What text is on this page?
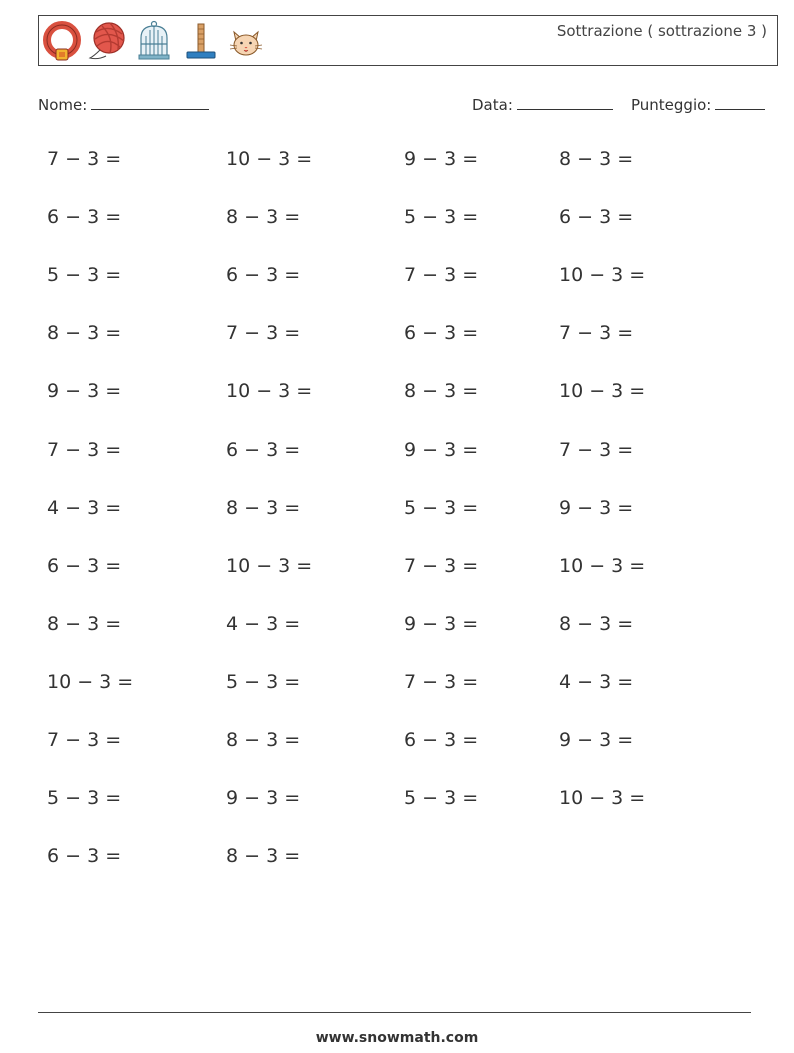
Sottrazione ( sottrazione 3 )
Nome:	Data:	Punteggio:
7 − 3 =	10 − 3 =	9 − 3 =	8 − 3 =
6 − 3 =	8 − 3 =	5 − 3 =	6 − 3 =
5 − 3 =	6 − 3 =	7 − 3 =	10 − 3 =
8 − 3 =	7 − 3 =	6 − 3 =	7 − 3 =
9 − 3 =	10 − 3 =	8 − 3 =	10 − 3 =
7 − 3 =	6 − 3 =	9 − 3 =	7 − 3 =
4 − 3 =	8 − 3 =	5 − 3 =	9 − 3 =
6 − 3 =	10 − 3 =	7 − 3 =	10 − 3 =
8 − 3 =	4 − 3 =	9 − 3 =	8 − 3 =
10 − 3 =	5 − 3 =	7 − 3 =	4 − 3 =
7 − 3 =	8 − 3 =	6 − 3 =	9 − 3 =
5 − 3 =	9 − 3 =	5 − 3 =	10 − 3 =
6 − 3 =	8 − 3 =
www.snowmath.com
